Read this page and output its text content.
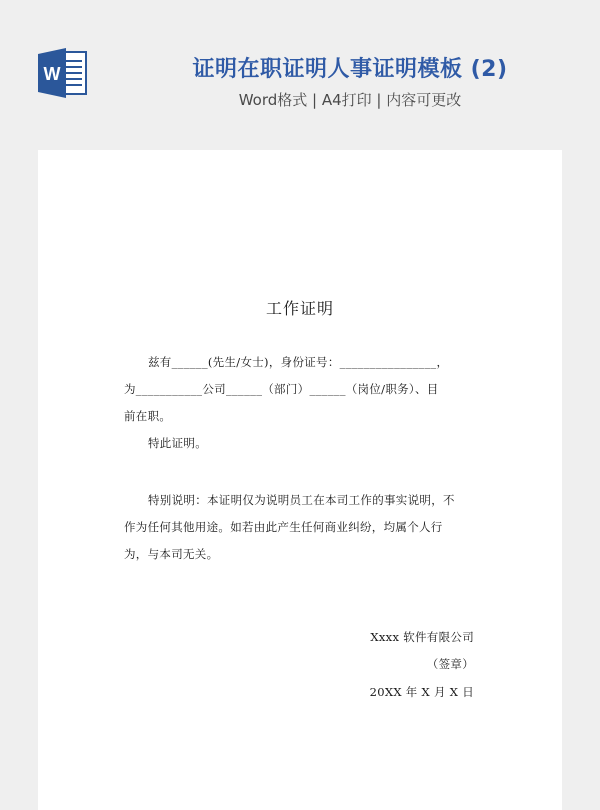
W	证明在职证明人事证明模板 (2)
Word格式 | A4打印 | 内容可更改
工作证明
兹有______(先生/女士)，身份证号：________________，
为___________公司______（部门）______（岗位/职务）、目
前在职。
特此证明。
特别说明：本证明仅为说明员工在本司工作的事实说明，不
作为任何其他用途。如若由此产生任何商业纠纷，均属个人行
为，与本司无关。
Xxxx 软件有限公司
（签章）
20XX 年 X 月 X 日
